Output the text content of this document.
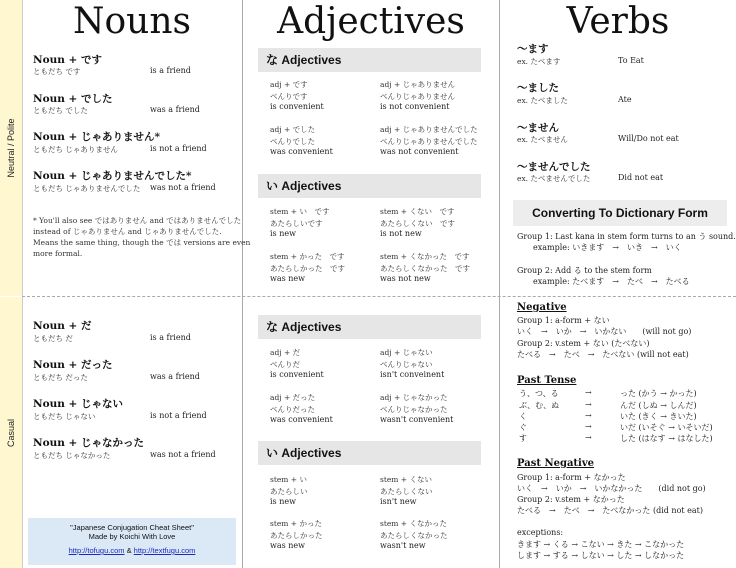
Neutral / Polite
Casual
Nouns	Adjectives	Verbs
Noun + です
ともだち です	is a friend
Noun + でした
ともだち でした	was a friend
Noun + じゃありません*
ともだち じゃありません	is not a friend
Noun + じゃありませんでした*
ともだち じゃありませんでした was not a friend
* You'll also see ではありません and ではありませんでした
instead of じゃありません and じゃありませんでした.
Means the same thing, though the では versions are even
more formal.
Noun + だ
ともだち だ	is a friend
Noun + だった
ともだち だった	was a friend
Noun + じゃない
ともだち じゃない	is not a friend
Noun + じゃなかった
ともだち じゃなかった	was not a friend
"Japanese Conjugation Cheat Sheet"
Made by Koichi With Love
http://tofugu.com & http://textfugu.com
な Adjectives
adj + です
べんりです
is convenient
adj + じゃありません
べんりじゃありません
is not convenient
adj + でした
べんりでした
was convenient
adj + じゃありませんでした
べんりじゃありませんでした
was not convenient
い Adjectives
stem + い　です
あたらしいです
is new
stem + くない　です
あたらしくない　です
is not new
stem + かった　です
あたらしかった　です
was new
stem + くなかった　です
あたらしくなかった　です
was not new
な Adjectives
adj + だ
べんりだ
is convenient
adj + じゃない
べんりじゃない
isn't conveinent
adj + だった
べんりだった
was convenient
adj + じゃなかった
べんりじゃなかった
wasn't convenient
い Adjectives
stem + い
あたらしい
is new
stem + くない
あたらしくない
isn't new
stem + かった
あたらしかった
was new
stem + くなかった
あたらしくなかった
wasn't new
〜ます
ex. たべます	To Eat
〜ました
ex. たべました	Ate
〜ません
ex. たべません	Will/Do not eat
〜ませんでした
ex. たべませんでした	Did not eat
Converting To Dictionary Form
Group 1: Last kana in stem form turns to an う sound.
example: いきます　→　いき　→　いく
Group 2: Add る to the stem form
example: たべます　→　たべ　→　たべる
Negative
Group 1: a-form + ない
いく　→　いか　→　いかない　　(will not go)
Group 2: v.stem + ない (たべない)
たべる　→　たべ　→　たべない (will not eat)
Past Tense
う、つ、る	→	った (かう → かった)
ぶ、む、ぬ	→	んだ (しぬ → しんだ)
く	→	いた (きく → きいた)
ぐ	→	いだ (いそぐ → いそいだ)
す	→	した (はなす → はなした)
Past Negative
Group 1: a-form + なかった
いく　→　いか　→　いかなかった　　(did not go)
Group 2: v.stem + なかった
たべる　→　たべ　→　たべなかった (did not eat)
exceptions:
きます → くる → こない → きた → こなかった
します → する → しない → した → しなかった
